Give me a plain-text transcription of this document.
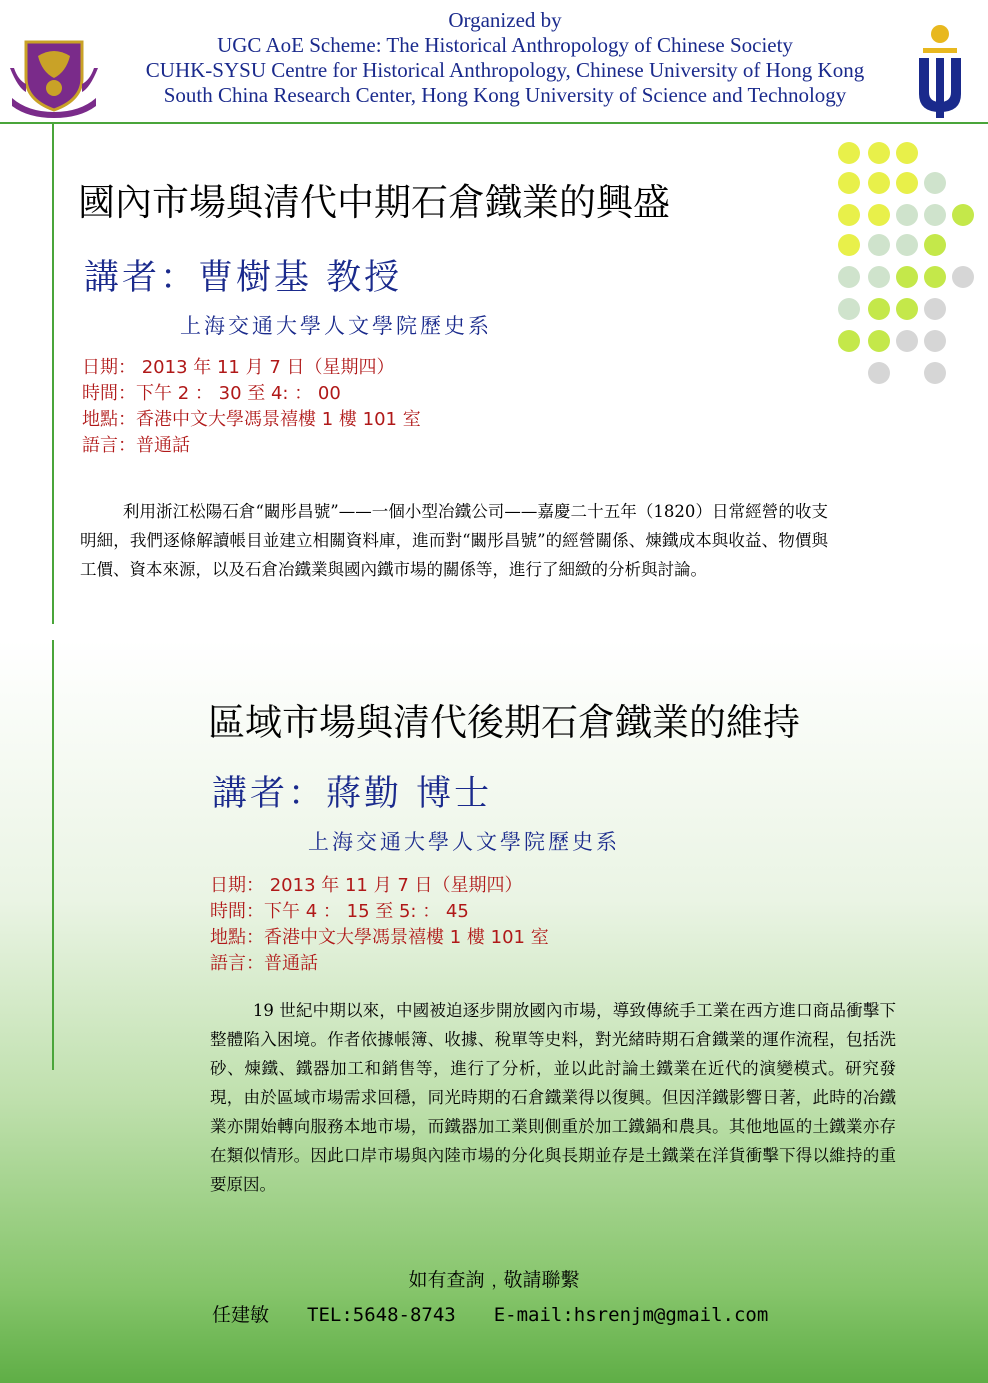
Organized by
UGC AoE Scheme: The Historical Anthropology of Chinese Society
CUHK-SYSU Centre for Historical Anthropology, Chinese University of Hong Kong
South China Research Center, Hong Kong University of Science and Technology
國內市場與清代中期石倉鐵業的興盛
講者：曹樹基 教授
上海交通大學人文學院歷史系
日期： 2013 年 11 月 7 日（星期四）
時間：下午 2 ： 30 至 4: ： 00
地點：香港中文大學馮景禧樓 1 樓 101 室
語言：普通話
利用浙江松陽石倉“闞彤昌號”——一個小型冶鐵公司——嘉慶二十五年（1820）日常經營的收支明細，我們逐條解讀帳目並建立相關資料庫，進而對“闞彤昌號”的經營關係、煉鐵成本與收益、物價與工價、資本來源，以及石倉冶鐵業與國內鐵市場的關係等，進行了細緻的分析與討論。
區域市場與清代後期石倉鐵業的維持
講者：蔣勤 博士
上海交通大學人文學院歷史系
日期： 2013 年 11 月 7 日（星期四）
時間：下午 4 ： 15 至 5: ： 45
地點：香港中文大學馮景禧樓 1 樓 101 室
語言：普通話
19 世紀中期以來，中國被迫逐步開放國內市場，導致傳統手工業在西方進口商品衝擊下整體陷入困境。作者依據帳簿、收據、稅單等史料，對光緒時期石倉鐵業的運作流程，包括洗砂、煉鐵、鐵器加工和銷售等，進行了分析，並以此討論土鐵業在近代的演變模式。研究發現，由於區域市場需求回穩，同光時期的石倉鐵業得以復興。但因洋鐵影響日著，此時的冶鐵業亦開始轉向服務本地市場，而鐵器加工業則側重於加工鐵鍋和農具。其他地區的土鐵業亦存在類似情形。因此口岸市場與內陸市場的分化與長期並存是土鐵業在洋貨衝擊下得以維持的重要原因。
如有查詢﹐敬請聯繫
任建敏 TEL:5648-8743 E-mail:hsrenjm@gmail.com
